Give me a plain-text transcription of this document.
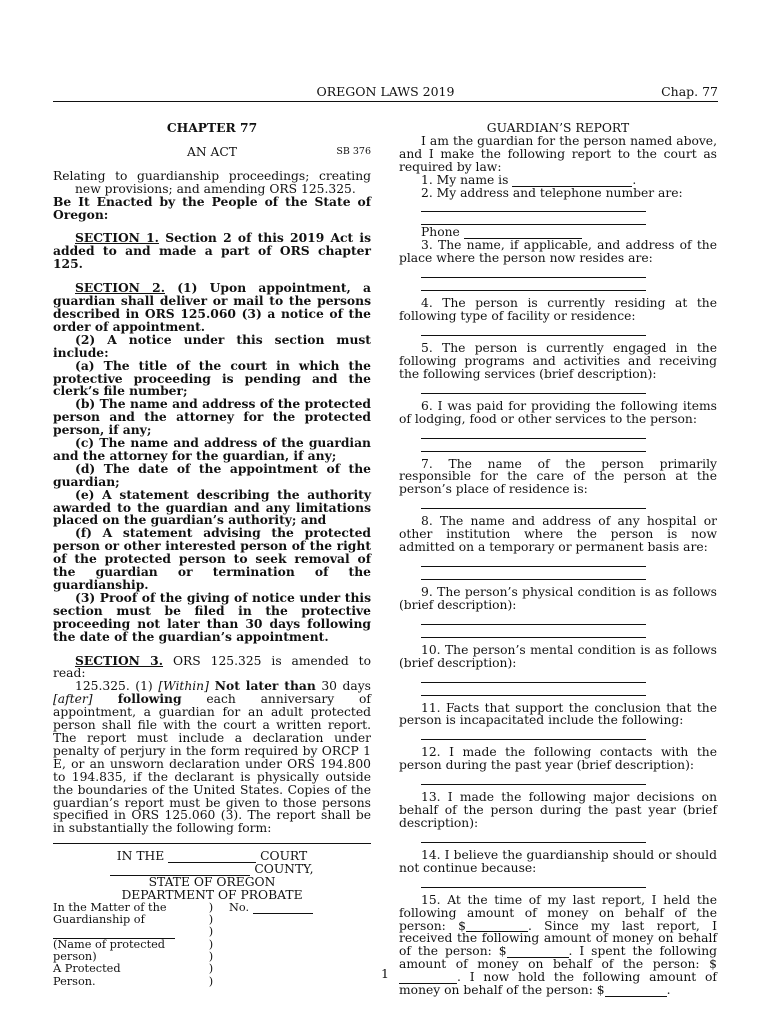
OREGON LAWS 2019	Chap. 77

CHAPTER 77

AN ACT	SB 376

Relating to guardianship proceedings; creating new provisions; and amending ORS 125.325.

Be It Enacted by the People of the State of Oregon:

SECTION 1. Section 2 of this 2019 Act is added to and made a part of ORS chapter 125.

SECTION 2. (1) Upon appointment, a guardian shall deliver or mail to the persons described in ORS 125.060 (3) a notice of the order of appointment.

(2) A notice under this section must include:

(a) The title of the court in which the protective proceeding is pending and the clerk’s file number;

(b) The name and address of the protected person and the attorney for the protected person, if any;

(c) The name and address of the guardian and the attorney for the guardian, if any;

(d) The date of the appointment of the guardian;

(e) A statement describing the authority awarded to the guardian and any limitations placed on the guardian’s authority; and

(f) A statement advising the protected person or other interested person of the right of the protected person to seek removal of the guardian or termination of the guardianship.

(3) Proof of the giving of notice under this section must be filed in the protective proceeding not later than 30 days following the date of the guardian’s appointment.

SECTION 3. ORS 125.325 is amended to read:

125.325. (1) [Within] Not later than 30 days [after] following each anniversary of appointment, a guardian for an adult protected person shall file with the court a written report. The report must include a declaration under penalty of perjury in the form required by ORCP 1 E, or an unsworn declaration under ORS 194.800 to 194.835, if the declarant is physically outside the boundaries of the United States. Copies of the guardian’s report must be given to those persons specified in ORS 125.060 (3). The report shall be in substantially the following form:

IN THE	COURT

COUNTY,

STATE OF OREGON

DEPARTMENT OF PROBATE

In the Matter of the	)	No.
Guardianship of	)
)
(Name of protected	)
person)	)
A Protected	)
Person.	)

GUARDIAN’S REPORT

I am the guardian for the person named above, and I make the following report to the court as required by law:

1. My name is	.

2. My address and telephone number are:

Phone

3. The name, if applicable, and address of the place where the person now resides are:

4. The person is currently residing at the following type of facility or residence:

5. The person is currently engaged in the following programs and activities and receiving the following services (brief description):

6. I was paid for providing the following items of lodging, food or other services to the person:

7. The name of the person primarily responsible for the care of the person at the person’s place of residence is:

8. The name and address of any hospital or other institution where the person is now admitted on a temporary or permanent basis are:

9. The person’s physical condition is as follows (brief description):

10. The person’s mental condition is as follows (brief description):

11. Facts that support the conclusion that the person is incapacitated include the following:

12. I made the following contacts with the person during the past year (brief description):

13. I made the following major decisions on behalf of the person during the past year (brief description):

14. I believe the guardianship should or should not continue because:

15. At the time of my last report, I held the following amount of money on behalf of the person: $	. Since my last report, I received the following amount of money on behalf of the person: $	. I spent the following amount of money on behalf of the person: $. I now hold the following amount of money on behalf of the person: $	.

1
